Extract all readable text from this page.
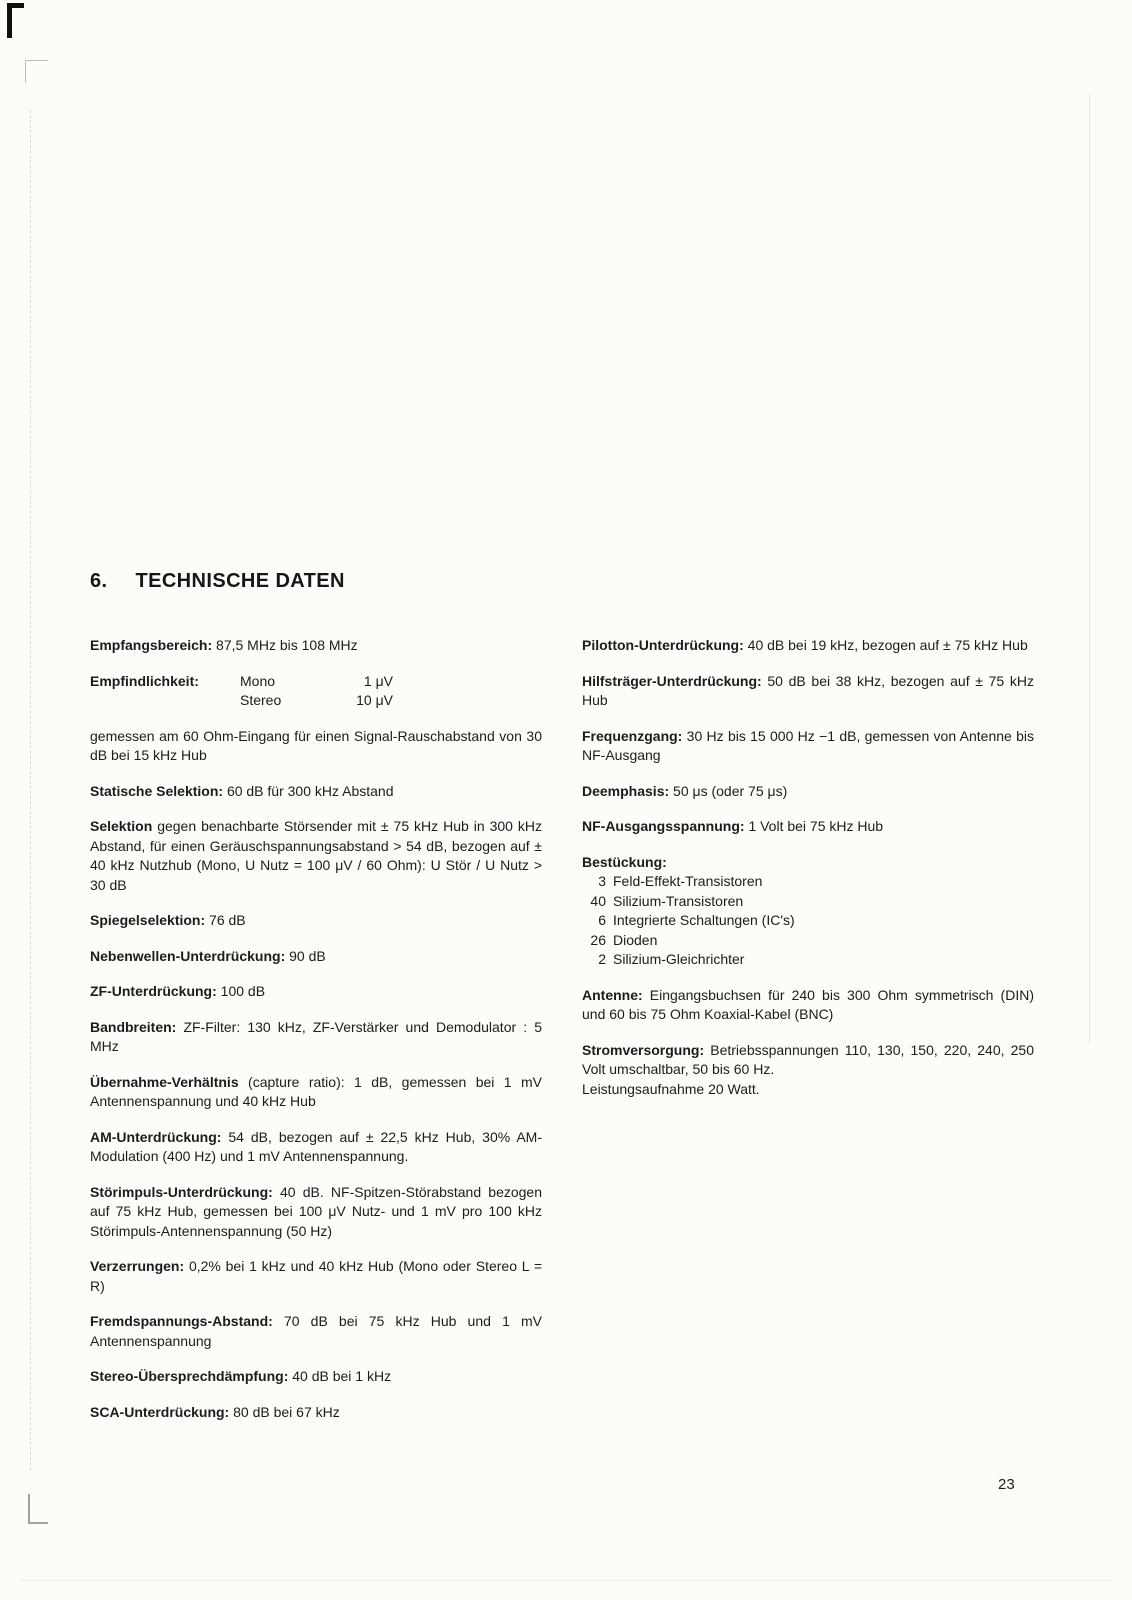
6. TECHNISCHE DATEN

Empfangsbereich: 87,5 MHz bis 108 MHz

Empfindlichkeit:	Mono	1 μV
Stereo	10 μV

gemessen am 60 Ohm-Eingang für einen Signal-Rauschabstand von 30 dB bei 15 kHz Hub

Statische Selektion: 60 dB für 300 kHz Abstand

Selektion gegen benachbarte Störsender mit ± 75 kHz Hub in 300 kHz Abstand, für einen Geräuschspannungsabstand > 54 dB, bezogen auf ± 40 kHz Nutzhub (Mono, U Nutz = 100 μV / 60 Ohm): U Stör / U Nutz > 30 dB

Spiegelselektion: 76 dB

Nebenwellen-Unterdrückung: 90 dB

ZF-Unterdrückung: 100 dB

Bandbreiten: ZF-Filter: 130 kHz, ZF-Verstärker und Demodulator : 5 MHz

Übernahme-Verhältnis (capture ratio): 1 dB, gemessen bei 1 mV Antennenspannung und 40 kHz Hub

AM-Unterdrückung: 54 dB, bezogen auf ± 22,5 kHz Hub, 30% AM-Modulation (400 Hz) und 1 mV Antennenspannung.

Störimpuls-Unterdrückung: 40 dB. NF-Spitzen-Störabstand bezogen auf 75 kHz Hub, gemessen bei 100 μV Nutz- und 1 mV pro 100 kHz Störimpuls-Antennenspannung (50 Hz)

Verzerrungen: 0,2% bei 1 kHz und 40 kHz Hub (Mono oder Stereo L = R)

Fremdspannungs-Abstand: 70 dB bei 75 kHz Hub und 1 mV Antennenspannung

Stereo-Übersprechdämpfung: 40 dB bei 1 kHz

SCA-Unterdrückung: 80 dB bei 67 kHz

Pilotton-Unterdrückung: 40 dB bei 19 kHz, bezogen auf ± 75 kHz Hub

Hilfsträger-Unterdrückung: 50 dB bei 38 kHz, bezogen auf ± 75 kHz Hub

Frequenzgang: 30 Hz bis 15 000 Hz −1 dB, gemessen von Antenne bis NF-Ausgang

Deemphasis: 50 μs (oder 75 μs)

NF-Ausgangsspannung: 1 Volt bei 75 kHz Hub

Bestückung:
3 Feld-Effekt-Transistoren
40 Silizium-Transistoren
6 Integrierte Schaltungen (IC's)
26 Dioden
2 Silizium-Gleichrichter

Antenne: Eingangsbuchsen für 240 bis 300 Ohm symmetrisch (DIN) und 60 bis 75 Ohm Koaxial-Kabel (BNC)

Stromversorgung: Betriebsspannungen 110, 130, 150, 220, 240, 250 Volt umschaltbar, 50 bis 60 Hz.
Leistungsaufnahme 20 Watt.

23
